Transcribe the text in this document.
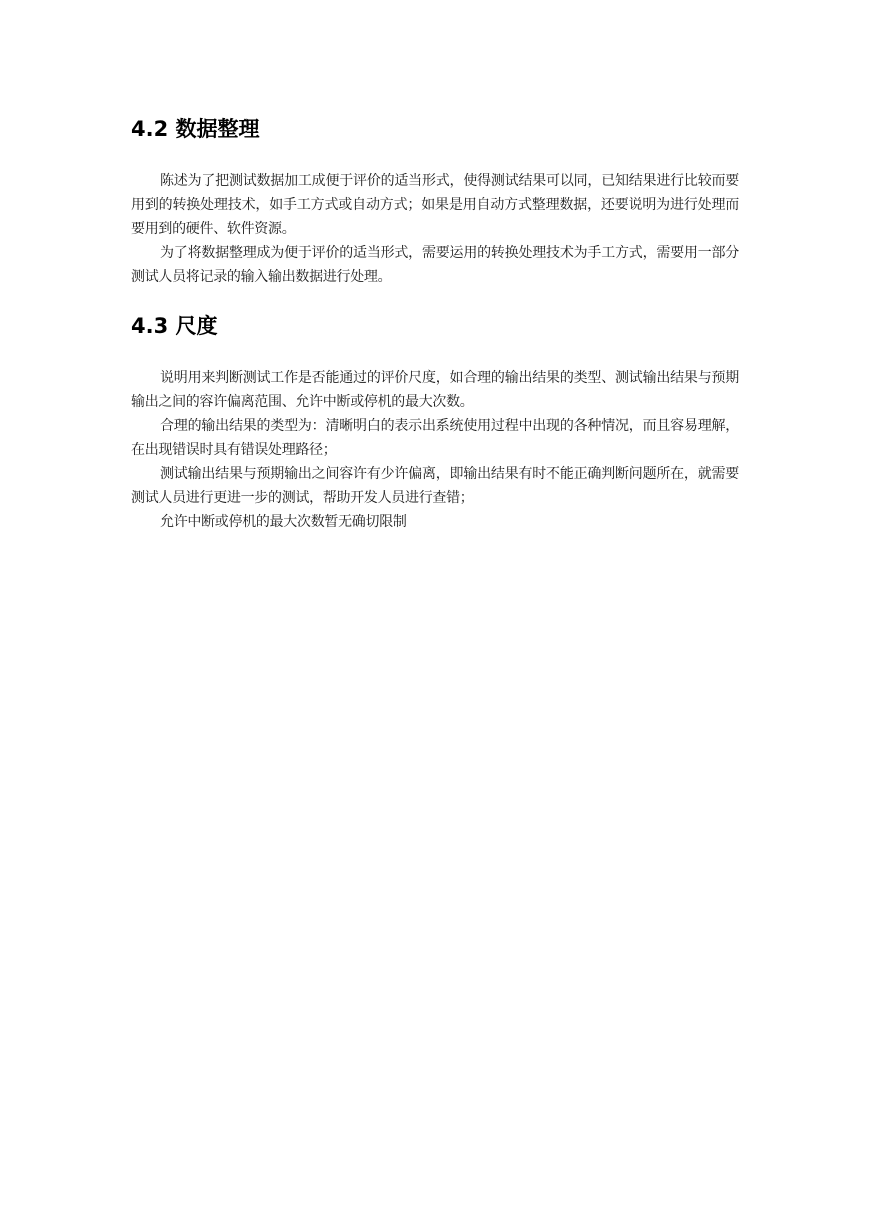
4.2 数据整理

陈述为了把测试数据加工成便于评价的适当形式，使得测试结果可以同，已知结果进行比较而要用到的转换处理技术，如手工方式或自动方式；如果是用自动方式整理数据，还要说明为进行处理而要用到的硬件、软件资源。

为了将数据整理成为便于评价的适当形式，需要运用的转换处理技术为手工方式，需要用一部分测试人员将记录的输入输出数据进行处理。

4.3 尺度

说明用来判断测试工作是否能通过的评价尺度，如合理的输出结果的类型、测试输出结果与预期输出之间的容许偏离范围、允许中断或停机的最大次数。

合理的输出结果的类型为：清晰明白的表示出系统使用过程中出现的各种情况，而且容易理解，在出现错误时具有错误处理路径；

测试输出结果与预期输出之间容许有少许偏离，即输出结果有时不能正确判断问题所在，就需要测试人员进行更进一步的测试，帮助开发人员进行查错；

允许中断或停机的最大次数暂无确切限制
